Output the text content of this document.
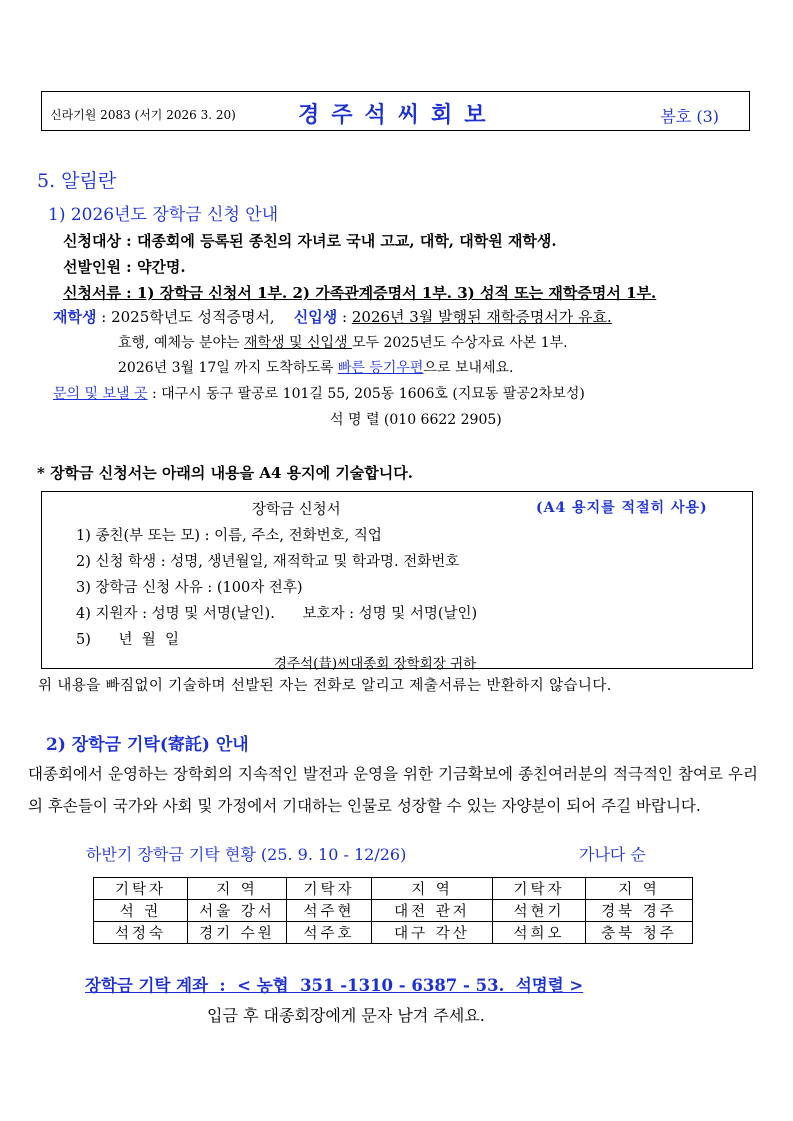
신라기원 2083 (서기 2026 3. 20)	경주석씨회보	봄호 (3)
5. 알림란
1) 2026년도 장학금 신청 안내
신청대상 : 대종회에 등록된 종친의 자녀로 국내 고교, 대학, 대학원 재학생.
선발인원 : 약간명.
신청서류 : 1) 장학금 신청서 1부. 2) 가족관계증명서 1부. 3) 성적 또는 재학증명서 1부.
재학생 : 2025학년도 성적증명서, 신입생 : 2026년 3월 발행된 재학증명서가 유효.
효행, 예체능 분야는 재학생 및 신입생 모두 2025년도 수상자료 사본 1부.
2026년 3월 17일 까지 도착하도록 빠른 등기우편으로 보내세요.
문의 및 보낼 곳 : 대구시 동구 팔공로 101길 55, 205동 1606호 (지묘동 팔공2차보성)
석 명 렬 (010 6622 2905)
* 장학금 신청서는 아래의 내용을 A4 용지에 기술합니다.
장학금 신청서	(A4 용지를 적절히 사용)
1) 종친(부 또는 모) : 이름, 주소, 전화번호, 직업
2) 신청 학생 : 성명, 생년월일, 재적학교 및 학과명. 전화번호
3) 장학금 신청 사유 : (100자 전후)
4) 지원자 : 성명 및 서명(날인).      보호자 : 성명 및 서명(날인)
5)      년  월  일
경주석(昔)씨대종회 장학회장 귀하
위 내용을 빠짐없이 기술하며 선발된 자는 전화로 알리고 제출서류는 반환하지 않습니다.
2) 장학금 기탁(寄託) 안내
대종회에서 운영하는 장학회의 지속적인 발전과 운영을 위한 기금확보에 종친여러분의 적극적인 참여로 우리의 후손들이 국가와 사회 및 가정에서 기대하는 인물로 성장할 수 있는 자양분이 되어 주길 바랍니다.
하반기 장학금 기탁 현황 (25. 9. 10 - 12/26)	가나다 순
기탁자	지 역	기탁자	지 역	기탁자	지 역
석 권	서울 강서	석주현	대전 관저	석현기	경북 경주
석정숙	경기 수원	석주호	대구 각산	석희오	충북 청주
장학금 기탁 계좌  :  < 농협  351 -1310 - 6387 - 53.  석명렬 >
입금 후 대종회장에게 문자 남겨 주세요.
